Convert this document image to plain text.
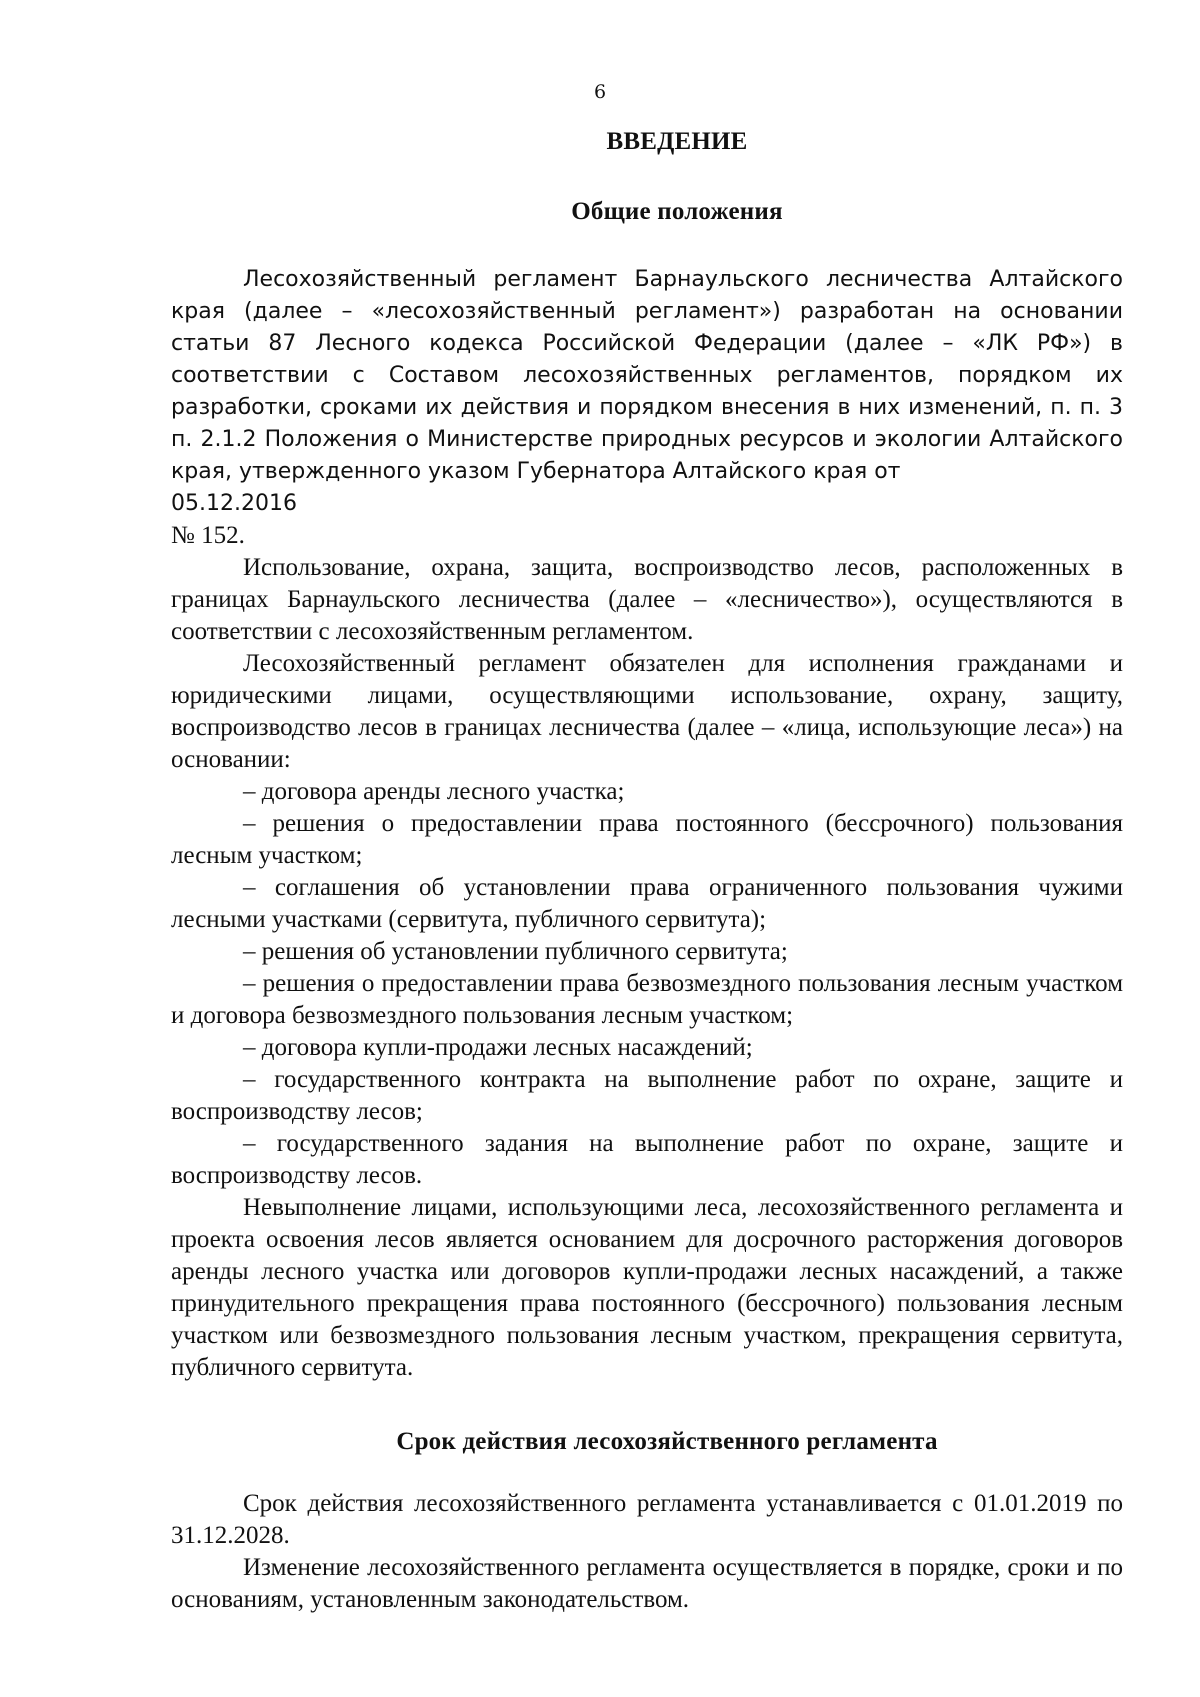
6
ВВЕДЕНИЕ
Общие положения

Лесохозяйственный регламент Барнаульского лесничества Алтайского края (далее – «лесохозяйственный регламент») разработан на основании статьи 87 Лесного кодекса Российской Федерации (далее – «ЛК РФ») в соответствии с Составом лесохозяйственных регламентов, порядком их разработки, сроками их действия и порядком внесения в них изменений, п. п. 3 п. 2.1.2 Положения о Министерстве природных ресурсов и экологии Алтайского края, утвержденного указом Губернатора Алтайского края от

05.12.2016

№ 152.

Использование, охрана, защита, воспроизводство лесов, расположенных в границах Барнаульского лесничества (далее – «лесничество»), осуществляются в соответствии с лесохозяйственным регламентом.

Лесохозяйственный регламент обязателен для исполнения гражданами и юридическими лицами, осуществляющими использование, охрану, защиту, воспроизводство лесов в границах лесничества (далее – «лица, использующие леса») на основании:

– договора аренды лесного участка;
– решения о предоставлении права постоянного (бессрочного) пользования лесным участком;
– соглашения об установлении права ограниченного пользования чужими лесными участками (сервитута, публичного сервитута);
– решения об установлении публичного сервитута;
– решения о предоставлении права безвозмездного пользования лесным участком и договора безвозмездного пользования лесным участком;
– договора купли-продажи лесных насаждений;
– государственного контракта на выполнение работ по охране, защите и воспроизводству лесов;
– государственного задания на выполнение работ по охране, защите и воспроизводству лесов.

Невыполнение лицами, использующими леса, лесохозяйственного регламента и проекта освоения лесов является основанием для досрочного расторжения договоров аренды лесного участка или договоров купли-продажи лесных насаждений, а также принудительного прекращения права постоянного (бессрочного) пользования лесным участком или безвозмездного пользования лесным участком, прекращения сервитута, публичного сервитута.

Срок действия лесохозяйственного регламента

Срок действия лесохозяйственного регламента устанавливается с 01.01.2019 по 31.12.2028.

Изменение лесохозяйственного регламента осуществляется в порядке, сроки и по основаниям, установленным законодательством.
